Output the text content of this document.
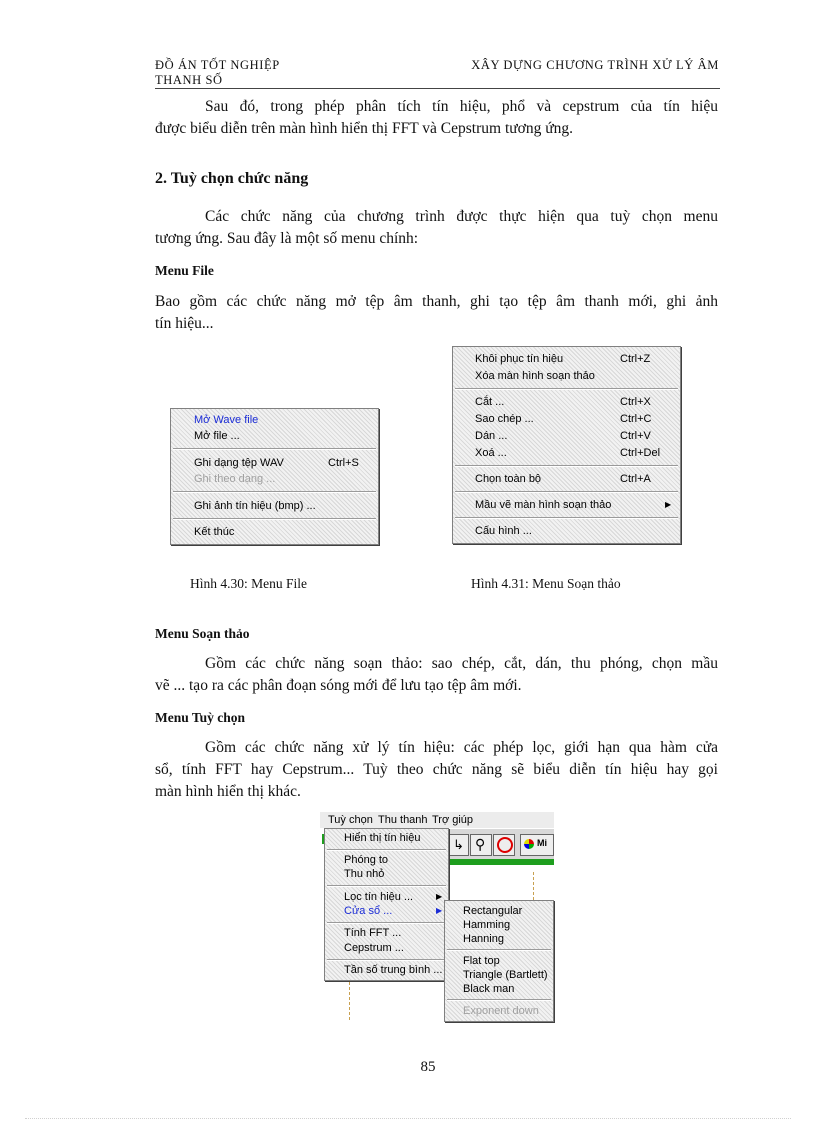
ĐỒ ÁN TỐT NGHIỆP
THANH SỐ
XÂY DỰNG CHƯƠNG TRÌNH XỬ LÝ ÂM
Sau đó, trong phép phân tích tín hiệu, phổ và cepstrum của tín hiệu
được biểu diễn trên màn hình hiển thị FFT và Cepstrum tương ứng.
2. Tuỳ chọn chức năng
Các chức năng của chương trình được thực hiện qua tuỳ chọn menu
tương ứng. Sau đây là một số menu chính:
Menu File
Bao gồm các chức năng mở tệp âm thanh, ghi tạo tệp âm thanh mới, ghi ảnh
tín hiệu...
Mở Wave file
Mở file ...
Ghi dạng tệp WAV	Ctrl+S
Ghi theo dạng ...
Ghi ảnh tín hiệu (bmp) ...
Kết thúc
Khôi phục tín hiệu	Ctrl+Z
Xóa màn hình soạn thảo
Cắt ...	Ctrl+X
Sao chép ...	Ctrl+C
Dán ...	Ctrl+V
Xoá ...	Ctrl+Del
Chọn toàn bộ	Ctrl+A
Mầu vẽ màn hình soạn thảo	▶
Cấu hình ...
Hình 4.30: Menu File	Hình 4.31: Menu Soạn thảo
Menu Soạn thảo
Gồm các chức năng soạn thảo: sao chép, cắt, dán, thu phóng, chọn mầu
vẽ ... tạo ra các phân đoạn sóng mới để lưu tạo tệp âm mới.
Menu Tuỳ chọn
Gồm các chức năng xử lý tín hiệu: các phép lọc, giới hạn qua hàm cửa
sổ, tính FFT hay Cepstrum... Tuỳ theo chức năng sẽ biểu diễn tín hiệu hay gọi
màn hình hiển thị khác.
Tuỳ chọn Thu thanh Trợ giúp
↳ ⚲	Mi
Hiển thị tín hiệu
Phóng to
Thu nhỏ
Lọc tín hiệu ...	▶
Cửa sổ ...	▶
Tính FFT ...
Cepstrum ...
Tần số trung bình ...
Rectangular
Hamming
Hanning
Flat top
Triangle (Bartlett)
Black man
Exponent down
85
